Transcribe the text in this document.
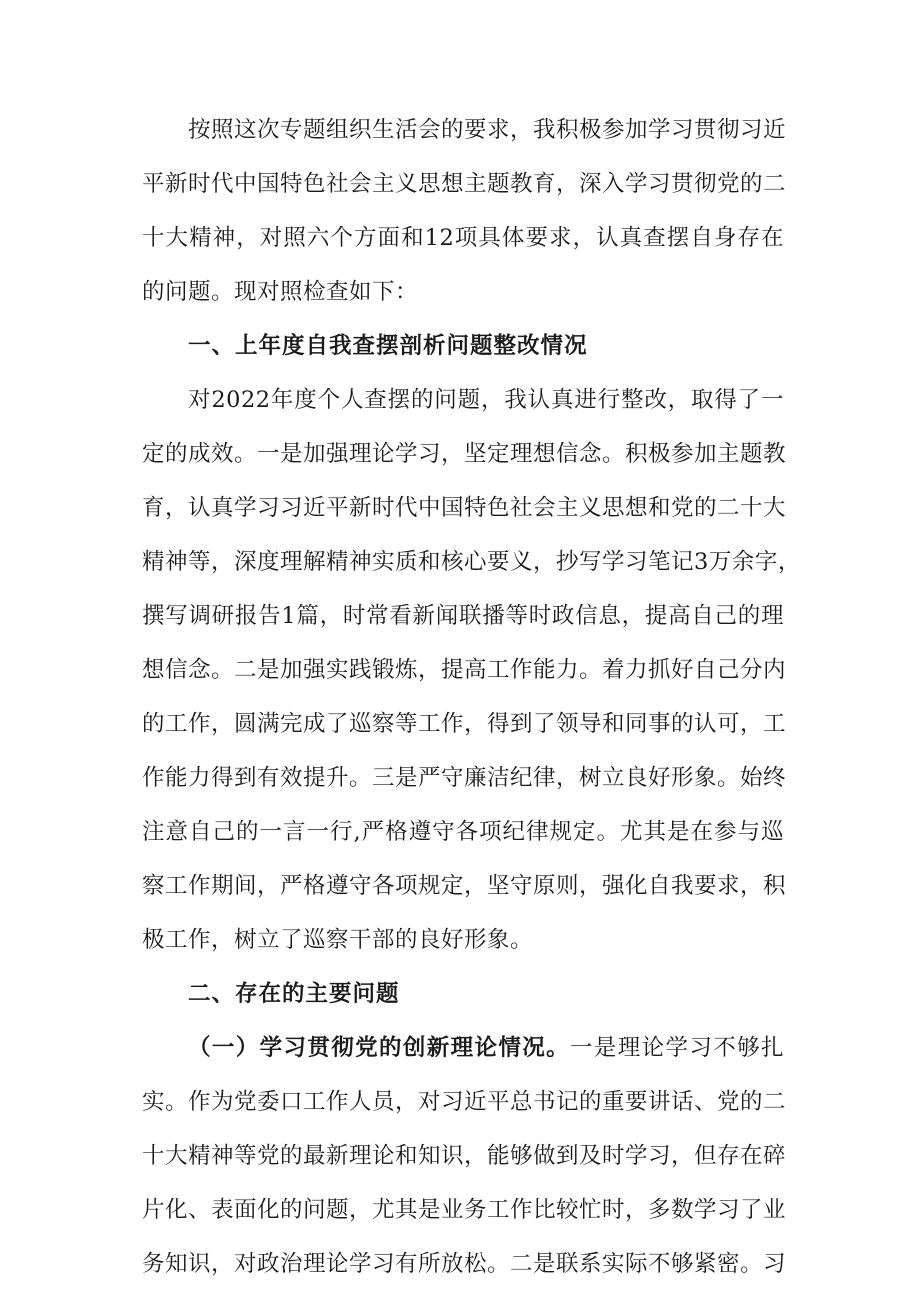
按照这次专题组织生活会的要求，我积极参加学习贯彻习近
平新时代中国特色社会主义思想主题教育，深入学习贯彻党的二
十大精神，对照六个方面和12项具体要求，认真查摆自身存在
的问题。现对照检查如下：
一、上年度自我查摆剖析问题整改情况
对2022年度个人查摆的问题，我认真进行整改，取得了一
定的成效。一是加强理论学习，坚定理想信念。积极参加主题教
育，认真学习习近平新时代中国特色社会主义思想和党的二十大
精神等，深度理解精神实质和核心要义，抄写学习笔记3万余字，
撰写调研报告1篇，时常看新闻联播等时政信息，提高自己的理
想信念。二是加强实践锻炼，提高工作能力。着力抓好自己分内
的工作，圆满完成了巡察等工作，得到了领导和同事的认可，工
作能力得到有效提升。三是严守廉洁纪律，树立良好形象。始终
注意自己的一言一行,严格遵守各项纪律规定。尤其是在参与巡
察工作期间，严格遵守各项规定，坚守原则，强化自我要求，积
极工作，树立了巡察干部的良好形象。
二、存在的主要问题
（一）学习贯彻党的创新理论情况。一是理论学习不够扎
实。作为党委口工作人员，对习近平总书记的重要讲话、党的二
十大精神等党的最新理论和知识，能够做到及时学习，但存在碎
片化、表面化的问题，尤其是业务工作比较忙时，多数学习了业
务知识，对政治理论学习有所放松。二是联系实际不够紧密。习
